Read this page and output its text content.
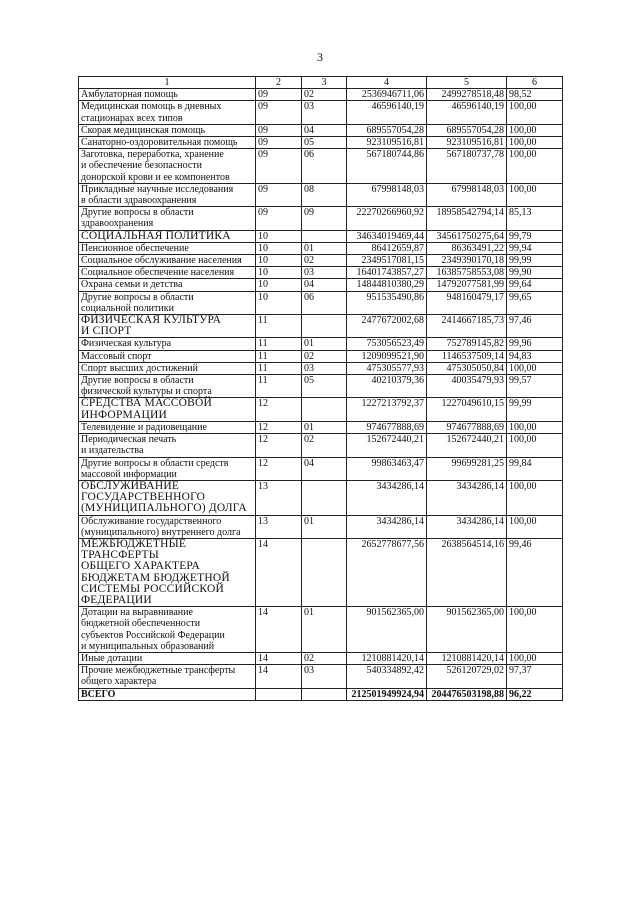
3
1	2	3	4	5	6

Амбулаторная помощь	09	02	2536946711,06	2499278518,48	98,52

Медицинская помощь в дневных
стационарах всех типов	09	03	46596140,19	46596140,19	100,00

Скорая медицинская помощь	09	04	689557054,28	689557054,28	100,00

Санаторно-оздоровительная помощь	09	05	923109516,81	923109516,81	100,00

Заготовка, переработка, хранение
и обеспечение безопасности
донорской крови и ее компонентов	09	06	567180744,86	567180737,78	100,00

Прикладные научные исследования
в области здравоохранения	09	08	67998148,03	67998148,03	100,00

Другие вопросы в области
здравоохранения	09	09	22270266960,92	18958542794,14	85,13

СОЦИАЛЬНАЯ ПОЛИТИКА	10		34634019469,44	34561750275,64	99,79

Пенсионное обеспечение	10	01	86412659,87	86363491,22	99,94

Социальное обслуживание населения	10	02	2349517081,15	2349390170,18	99,99

Социальное обеспечение населения	10	03	16401743857,27	16385758553,08	99,90

Охрана семьи и детства	10	04	14844810380,29	14792077581,99	99,64

Другие вопросы в области
социальной политики	10	06	951535490,86	948160479,17	99,65

ФИЗИЧЕСКАЯ КУЛЬТУРА
И СПОРТ	11		2477672002,68	2414667185,73	97,46

Физическая культура	11	01	753056523,49	752789145,82	99,96

Массовый спорт	11	02	1209099521,90	1146537509,14	94,83

Спорт высших достижений	11	03	475305577,93	475305050,84	100,00

Другие вопросы в области
физической культуры и спорта	11	05	40210379,36	40035479,93	99,57

СРЕДСТВА МАССОВОЙ
ИНФОРМАЦИИ	12		1227213792,37	1227049610,15	99,99

Телевидение и радиовещание	12	01	974677888,69	974677888,69	100,00

Периодическая печать
и издательства	12	02	152672440,21	152672440,21	100,00

Другие вопросы в области средств
массовой информации	12	04	99863463,47	99699281,25	99,84

ОБСЛУЖИВАНИЕ
ГОСУДАРСТВЕННОГО
(МУНИЦИПАЛЬНОГО) ДОЛГА	13		3434286,14	3434286,14	100,00

Обслуживание государственного
(муниципального) внутреннего долга	13	01	3434286,14	3434286,14	100,00

МЕЖБЮДЖЕТНЫЕ ТРАНСФЕРТЫ
ОБЩЕГО ХАРАКТЕРА
БЮДЖЕТАМ БЮДЖЕТНОЙ
СИСТЕМЫ РОССИЙСКОЙ
ФЕДЕРАЦИИ	14		2652778677,56	2638564514,16	99,46

Дотации на выравнивание
бюджетной обеспеченности
субъектов Российской Федерации
и муниципальных образований	14	01	901562365,00	901562365,00	100,00

Иные дотации	14	02	1210881420,14	1210881420,14	100,00

Прочие межбюджетные трансферты
общего характера	14	03	540334892,42	526120729,02	97,37

ВСЕГО			212501949924,94	204476503198,88	96,22
